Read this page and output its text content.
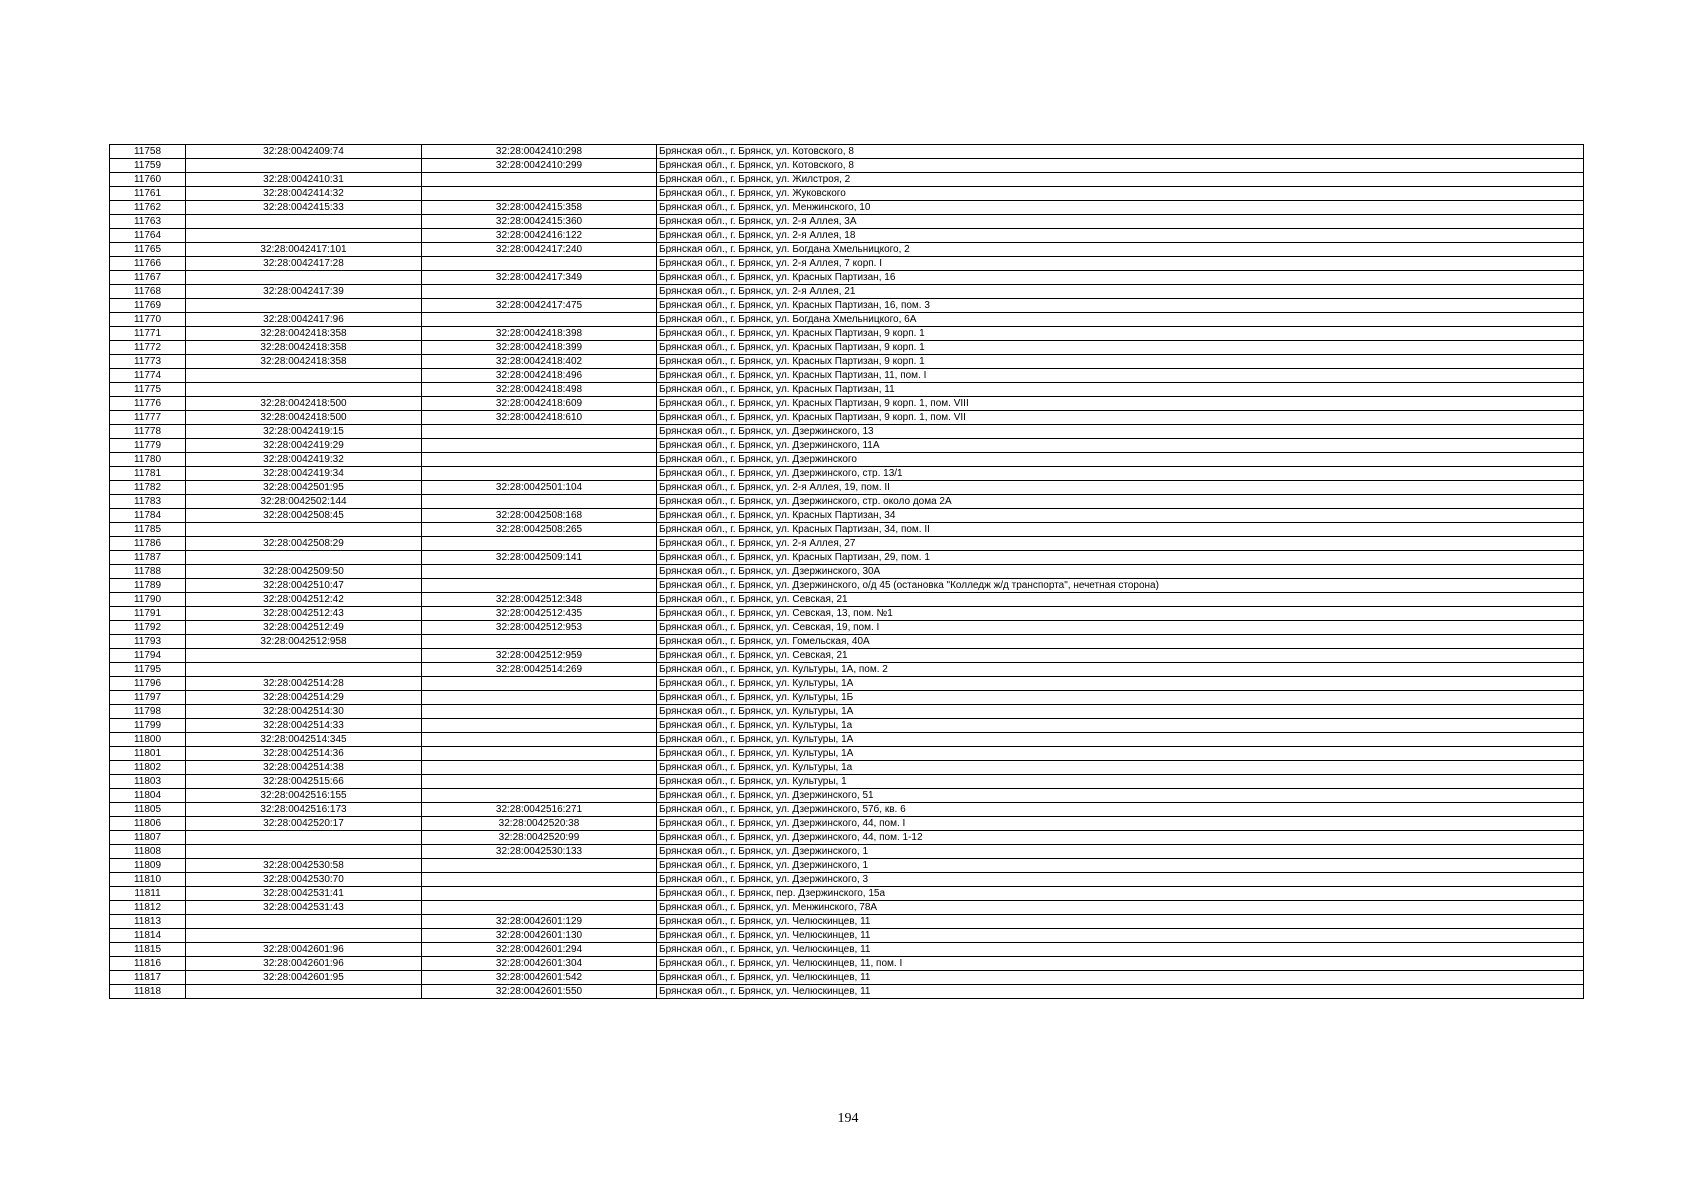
11758	32:28:0042409:74	32:28:0042410:298	Брянская обл., г. Брянск, ул. Котовского, 8
11759		32:28:0042410:299	Брянская обл., г. Брянск, ул. Котовского, 8
11760	32:28:0042410:31		Брянская обл., г. Брянск, ул. Жилстроя, 2
11761	32:28:0042414:32		Брянская обл., г. Брянск, ул. Жуковского
11762	32:28:0042415:33	32:28:0042415:358	Брянская обл., г. Брянск, ул. Менжинского, 10
11763		32:28:0042415:360	Брянская обл., г. Брянск, ул. 2-я Аллея, 3А
11764		32:28:0042416:122	Брянская обл., г. Брянск, ул. 2-я Аллея, 18
11765	32:28:0042417:101	32:28:0042417:240	Брянская обл., г. Брянск, ул. Богдана Хмельницкого, 2
11766	32:28:0042417:28		Брянская обл., г. Брянск, ул. 2-я Аллея, 7 корп. I
11767		32:28:0042417:349	Брянская обл., г. Брянск, ул. Красных Партизан, 16
11768	32:28:0042417:39		Брянская обл., г. Брянск, ул. 2-я Аллея, 21
11769		32:28:0042417:475	Брянская обл., г. Брянск, ул. Красных Партизан, 16, пом. 3
11770	32:28:0042417:96		Брянская обл., г. Брянск, ул. Богдана Хмельницкого, 6А
11771	32:28:0042418:358	32:28:0042418:398	Брянская обл., г. Брянск, ул. Красных Партизан, 9 корп. 1
11772	32:28:0042418:358	32:28:0042418:399	Брянская обл., г. Брянск, ул. Красных Партизан, 9 корп. 1
11773	32:28:0042418:358	32:28:0042418:402	Брянская обл., г. Брянск, ул. Красных Партизан, 9 корп. 1
11774		32:28:0042418:496	Брянская обл., г. Брянск, ул. Красных Партизан, 11, пом. I
11775		32:28:0042418:498	Брянская обл., г. Брянск, ул. Красных Партизан, 11
11776	32:28:0042418:500	32:28:0042418:609	Брянская обл., г. Брянск, ул. Красных Партизан, 9 корп. 1, пом. VIII
11777	32:28:0042418:500	32:28:0042418:610	Брянская обл., г. Брянск, ул. Красных Партизан, 9 корп. 1, пом. VII
11778	32:28:0042419:15		Брянская обл., г. Брянск, ул. Дзержинского, 13
11779	32:28:0042419:29		Брянская обл., г. Брянск, ул. Дзержинского, 11А
11780	32:28:0042419:32		Брянская обл., г. Брянск, ул. Дзержинского
11781	32:28:0042419:34		Брянская обл., г. Брянск, ул. Дзержинского, стр. 13/1
11782	32:28:0042501:95	32:28:0042501:104	Брянская обл., г. Брянск, ул. 2-я Аллея, 19, пом. II
11783	32:28:0042502:144		Брянская обл., г. Брянск, ул. Дзержинского, стр. около дома 2А
11784	32:28:0042508:45	32:28:0042508:168	Брянская обл., г. Брянск, ул. Красных Партизан, 34
11785		32:28:0042508:265	Брянская обл., г. Брянск, ул. Красных Партизан, 34, пом. II
11786	32:28:0042508:29		Брянская обл., г. Брянск, ул. 2-я Аллея, 27
11787		32:28:0042509:141	Брянская обл., г. Брянск, ул. Красных Партизан, 29, пом. 1
11788	32:28:0042509:50		Брянская обл., г. Брянск, ул. Дзержинского, 30А
11789	32:28:0042510:47		Брянская обл., г. Брянск, ул. Дзержинского, о/д 45 (остановка "Колледж ж/д транспорта", нечетная сторона)
11790	32:28:0042512:42	32:28:0042512:348	Брянская обл., г. Брянск, ул. Севская, 21
11791	32:28:0042512:43	32:28:0042512:435	Брянская обл., г. Брянск, ул. Севская, 13, пом. №1
11792	32:28:0042512:49	32:28:0042512:953	Брянская обл., г. Брянск, ул. Севская, 19, пом. I
11793	32:28:0042512:958		Брянская обл., г. Брянск, ул. Гомельская, 40А
11794		32:28:0042512:959	Брянская обл., г. Брянск, ул. Севская, 21
11795		32:28:0042514:269	Брянская обл., г. Брянск, ул. Культуры, 1А, пом. 2
11796	32:28:0042514:28		Брянская обл., г. Брянск, ул. Культуры, 1А
11797	32:28:0042514:29		Брянская обл., г. Брянск, ул. Культуры, 1Б
11798	32:28:0042514:30		Брянская обл., г. Брянск, ул. Культуры, 1А
11799	32:28:0042514:33		Брянская обл., г. Брянск, ул. Культуры, 1а
11800	32:28:0042514:345		Брянская обл., г. Брянск, ул. Культуры, 1А
11801	32:28:0042514:36		Брянская обл., г. Брянск, ул. Культуры, 1А
11802	32:28:0042514:38		Брянская обл., г. Брянск, ул. Культуры, 1а
11803	32:28:0042515:66		Брянская обл., г. Брянск, ул. Культуры, 1
11804	32:28:0042516:155		Брянская обл., г. Брянск, ул. Дзержинского, 51
11805	32:28:0042516:173	32:28:0042516:271	Брянская обл., г. Брянск, ул. Дзержинского, 57б, кв. 6
11806	32:28:0042520:17	32:28:0042520:38	Брянская обл., г. Брянск, ул. Дзержинского, 44, пом. I
11807		32:28:0042520:99	Брянская обл., г. Брянск, ул. Дзержинского, 44, пом. 1-12
11808		32:28:0042530:133	Брянская обл., г. Брянск, ул. Дзержинского, 1
11809	32:28:0042530:58		Брянская обл., г. Брянск, ул. Дзержинского, 1
11810	32:28:0042530:70		Брянская обл., г. Брянск, ул. Дзержинского, 3
11811	32:28:0042531:41		Брянская обл., г. Брянск, пер. Дзержинского, 15а
11812	32:28:0042531:43		Брянская обл., г. Брянск, ул. Менжинского, 78А
11813		32:28:0042601:129	Брянская обл., г. Брянск, ул. Челюскинцев, 11
11814		32:28:0042601:130	Брянская обл., г. Брянск, ул. Челюскинцев, 11
11815	32:28:0042601:96	32:28:0042601:294	Брянская обл., г. Брянск, ул. Челюскинцев, 11
11816	32:28:0042601:96	32:28:0042601:304	Брянская обл., г. Брянск, ул. Челюскинцев, 11, пом. I
11817	32:28:0042601:95	32:28:0042601:542	Брянская обл., г. Брянск, ул. Челюскинцев, 11
11818		32:28:0042601:550	Брянская обл., г. Брянск, ул. Челюскинцев, 11
194
